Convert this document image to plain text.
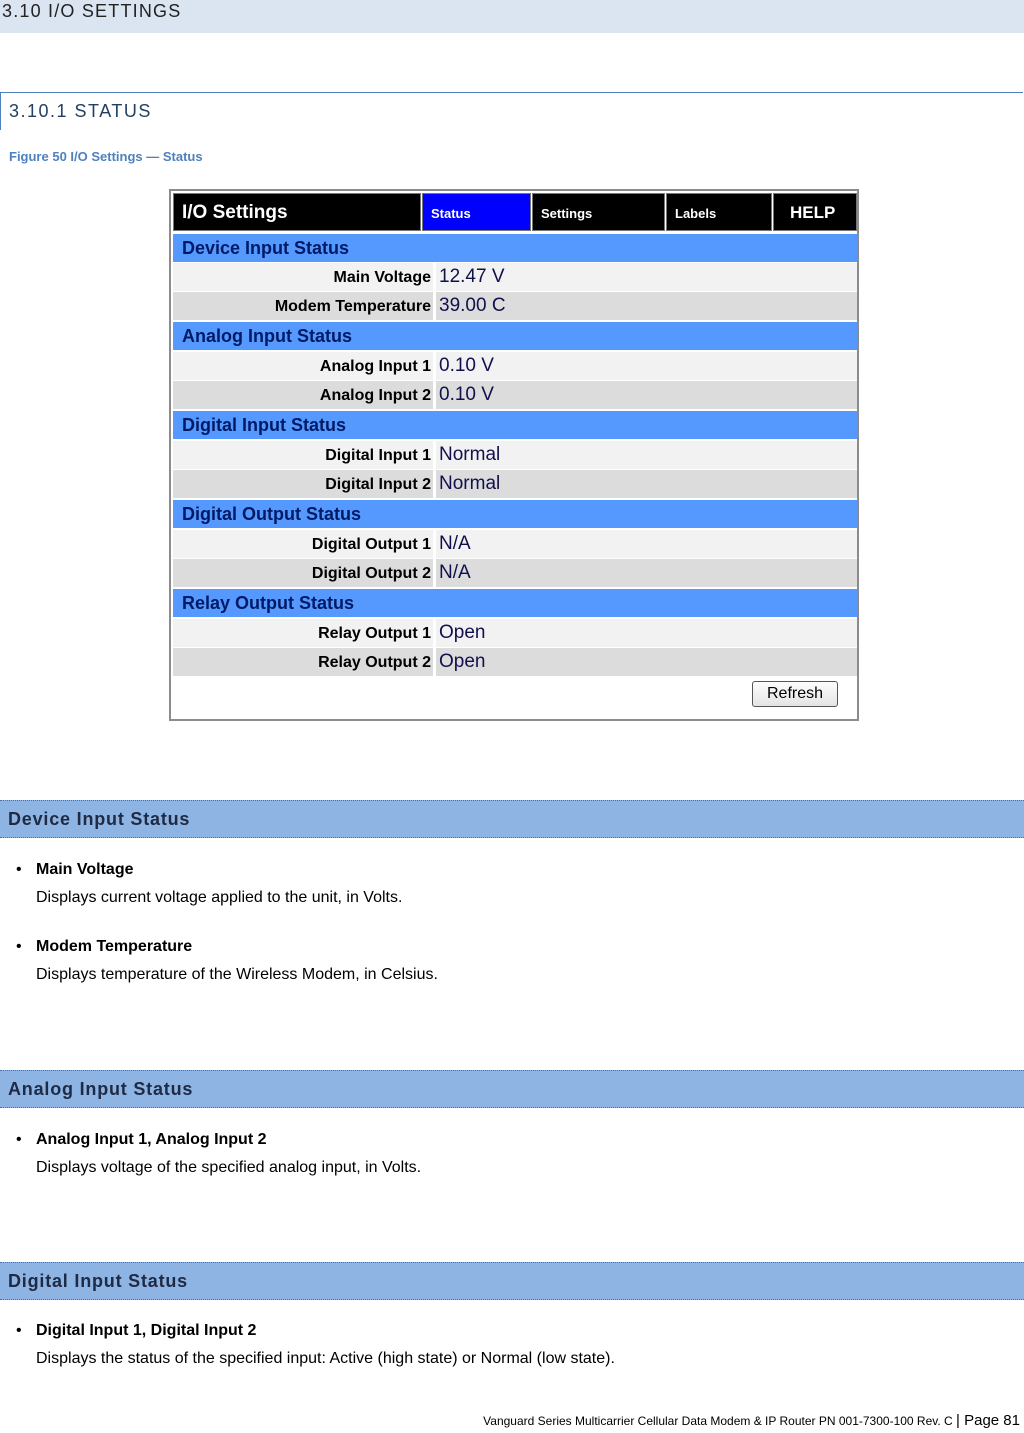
3.10 I/O SETTINGS
3.10.1 STATUS
Figure 50 I/O Settings — Status
I/O Settings	Status	Settings	Labels	HELP
Device Input Status
Main Voltage 12.47 V
Modem Temperature 39.00 C
Analog Input Status
Analog Input 1 0.10 V
Analog Input 2 0.10 V
Digital Input Status
Digital Input 1 Normal
Digital Input 2 Normal
Digital Output Status
Digital Output 1 N/A
Digital Output 2 N/A
Relay Output Status
Relay Output 1 Open
Relay Output 2 Open
Refresh
Device Input Status
• Main Voltage
Displays current voltage applied to the unit, in Volts.
• Modem Temperature
Displays temperature of the Wireless Modem, in Celsius.
Analog Input Status
• Analog Input 1, Analog Input 2
Displays voltage of the specified analog input, in Volts.
Digital Input Status
• Digital Input 1, Digital Input 2
Displays the status of the specified input: Active (high state) or Normal (low state).
Vanguard Series Multicarrier Cellular Data Modem & IP Router PN 001-7300-100 Rev. C | Page 81
